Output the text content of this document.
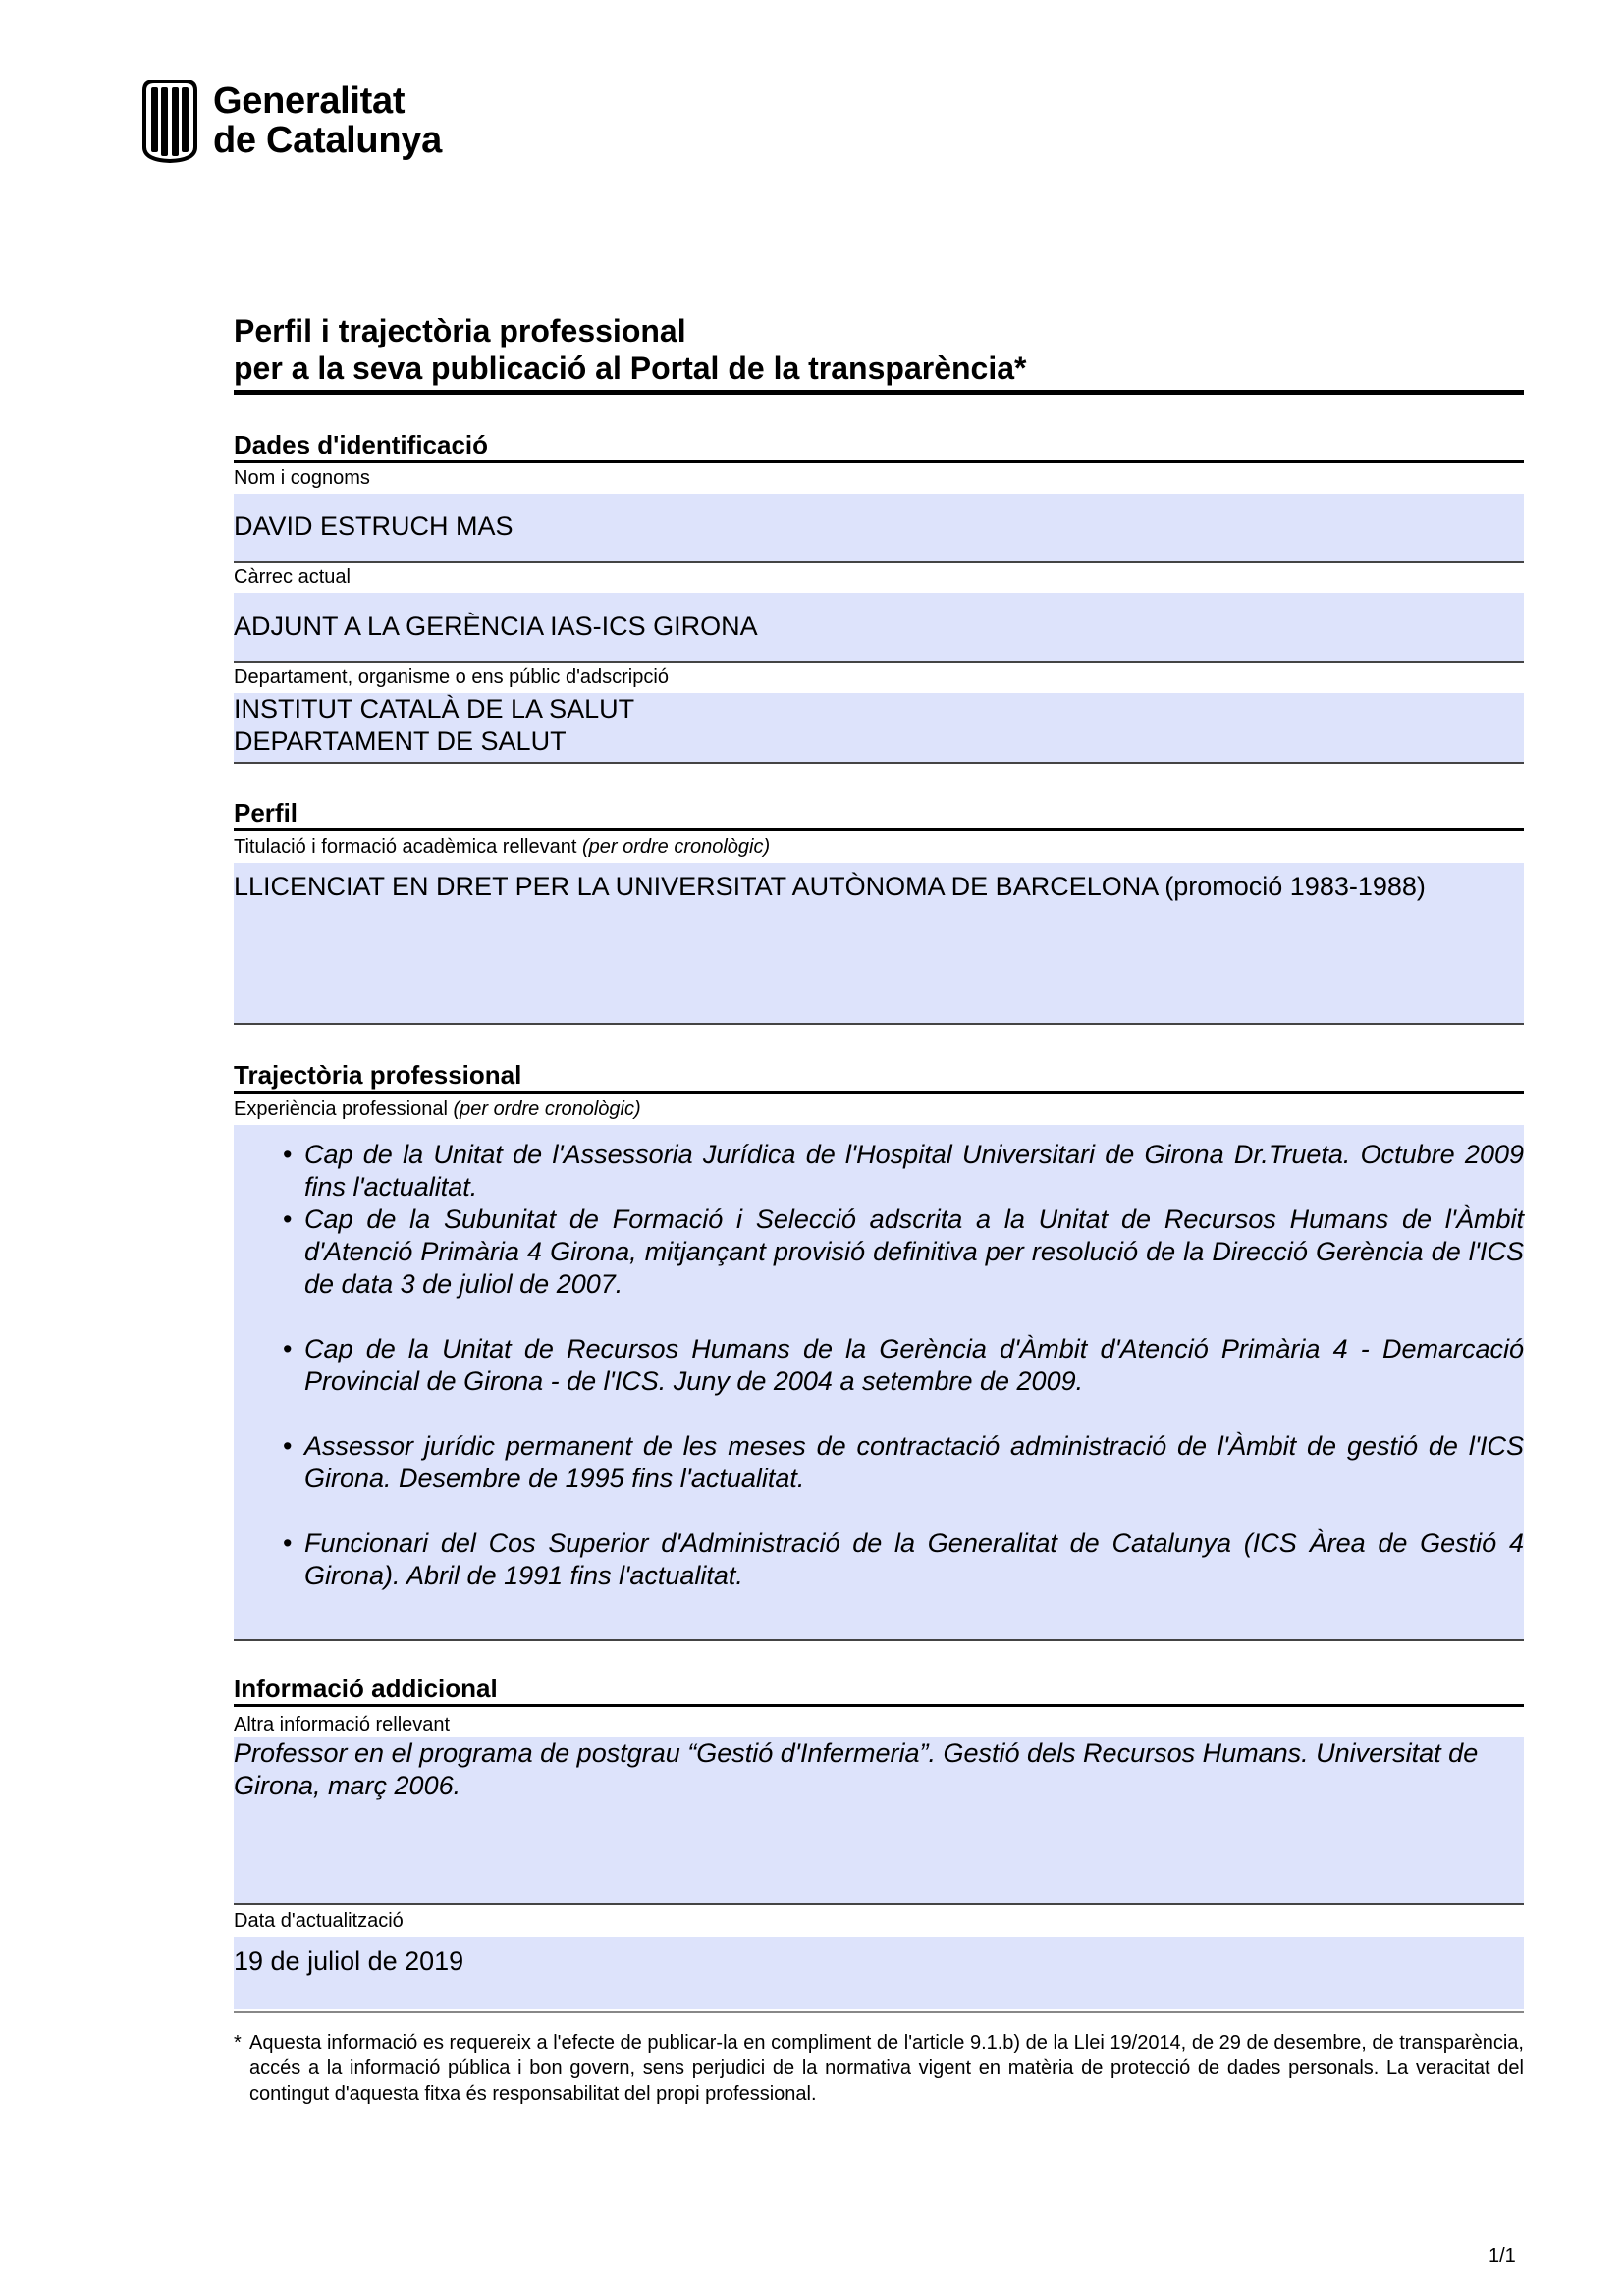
Generalitat
de Catalunya
Perfil i trajectòria professional
per a la seva publicació al Portal de la transparència*
Dades d'identificació
Nom i cognoms
DAVID ESTRUCH MAS
Càrrec actual
ADJUNT A LA GERÈNCIA IAS-ICS GIRONA
Departament, organisme o ens públic d'adscripció
INSTITUT CATALÀ DE LA SALUT
DEPARTAMENT DE SALUT
Perfil
Titulació i formació acadèmica rellevant (per ordre cronològic)
LLICENCIAT EN DRET PER LA UNIVERSITAT AUTÒNOMA DE BARCELONA (promoció 1983-1988)
Trajectòria professional
Experiència professional (per ordre cronològic)
• Cap de la Unitat de l'Assessoria Jurídica de l'Hospital Universitari de Girona Dr.Trueta. Octubre 2009 fins l'actualitat.
• Cap de la Subunitat de Formació i Selecció adscrita a la Unitat de Recursos Humans de l'Àmbit d'Atenció Primària 4 Girona, mitjançant provisió definitiva per resolució de la Direcció Gerència de l'ICS de data 3 de juliol de 2007.
• Cap de la Unitat de Recursos Humans de la Gerència d'Àmbit d'Atenció Primària 4 - Demarcació Provincial de Girona - de l'ICS. Juny de 2004 a setembre de 2009.
• Assessor jurídic permanent de les meses de contractació administració de l'Àmbit de gestió de l'ICS Girona. Desembre de 1995 fins l'actualitat.
• Funcionari del Cos Superior d'Administració de la Generalitat de Catalunya (ICS Àrea de Gestió 4 Girona). Abril de 1991 fins l'actualitat.
Informació addicional
Altra informació rellevant
Professor en el programa de postgrau “Gestió d'Infermeria”. Gestió dels Recursos Humans. Universitat de Girona, març 2006.
Data d'actualització
19 de juliol de 2019
* Aquesta informació es requereix a l'efecte de publicar-la en compliment de l'article 9.1.b) de la Llei 19/2014, de 29 de desembre, de transparència, accés a la informació pública i bon govern, sens perjudici de la normativa vigent en matèria de protecció de dades personals. La veracitat del contingut d'aquesta fitxa és responsabilitat del propi professional.
1/1
